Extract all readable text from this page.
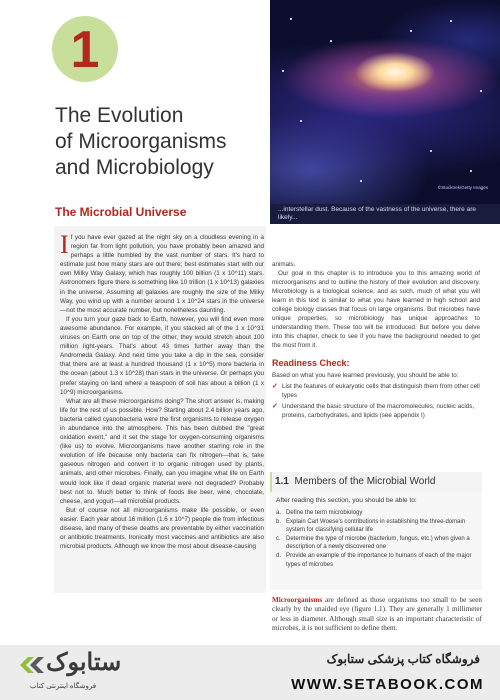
1
The Evolution
of Microorganisms
and Microbiology
©Stocktrek/Getty Images
...interstellar dust. Because of the vastness of the universe, there are likely...
The Microbial Universe

If you have ever gazed at the night sky on a cloudless evening in a region far from light pollution, you have probably been amazed and perhaps a little humbled by the vast number of stars. It's hard to estimate just how many stars are out there; best estimates start with our own Milky Way Galaxy, which has roughly 100 billion (1 x 10^11) stars. Astronomers figure there is something like 10 trillion (1 x 10^13) galaxies in the universe. Assuming all galaxies are roughly the size of the Milky Way, you wind up with a number around 1 x 10^24 stars in the universe—not the most accurate number, but nonetheless daunting.

If you turn your gaze back to Earth, however, you will find even more awesome abundance. For example, if you stacked all of the 1 x 10^31 viruses on Earth one on top of the other, they would stretch about 100 million light-years. That's about 43 times further away than the Andromeda Galaxy. And next time you take a dip in the sea, consider that there are at least a hundred thousand (1 x 10^5) more bacteria in the ocean (about 1.3 x 10^28) than stars in the universe. Or perhaps you prefer staying on land where a teaspoon of soil has about a billion (1 x 10^9) microorganisms.

What are all these microorganisms doing? The short answer is, making life for the rest of us possible. How? Starting about 2.4 billion years ago, bacteria called cyanobacteria were the first organisms to release oxygen in abundance into the atmosphere. This has been dubbed the "great oxidation event," and it set the stage for oxygen-consuming organisms (like us) to evolve. Microorganisms have another starring role in the evolution of life because only bacteria can fix nitrogen—that is, take gaseous nitrogen and convert it to organic nitrogen used by plants, animals, and other microbes. Finally, can you imagine what life on Earth would look like if dead organic material were not degraded? Probably best not to. Much better to think of foods like beer, wine, chocolate, cheese, and yogurt—all microbial products.

But of course not all microorganisms make life possible, or even easier. Each year about 16 million (1.6 x 10^7) people die from infectious disease, and many of these deaths are preventable by either vaccination or antibiotic treatments. Ironically most vaccines and antibiotics are also microbial products. Although we know the most about disease-causing

animals.

Our goal in this chapter is to introduce you to this amazing world of microorganisms and to outline the history of their evolution and discovery. Microbiology is a biological science, and as such, much of what you will learn in this text is similar to what you have learned in high school and college biology classes that focus on large organisms. But microbes have unique properties, so microbiology has unique approaches to understanding them. These too will be introduced. But before you delve into this chapter, check to see if you have the background needed to get the most from it.

Readiness Check:

Based on what you have learned previously, you should be able to:

✓ List the features of eukaryotic cells that distinguish them from other cell types
✓ Understand the basic structure of the macromolecules, nucleic acids, proteins, carbohydrates, and lipids (see appendix I)
1.1 Members of the Microbial World
After reading this section, you should be able to:
a. Define the term microbiology
b. Explain Carl Woese's contributions in establishing the three-domain system for classifying cellular life
c. Determine the type of microbe (bacterium, fungus, etc.) when given a description of a newly discovered one
d. Provide an example of the importance to humans of each of the major types of microbes

Microorganisms are defined as those organisms too small to be seen clearly by the unaided eye (figure 1.1). They are generally 1 millimeter or less in diameter. Although small size is an important characteristic of microbes, it is not sufficient to define them.

ستابوک
فروشگاه اینترنتی کتاب
فروشگاه کتاب پزشکی ستابوک
WWW.SETABOOK.COM
